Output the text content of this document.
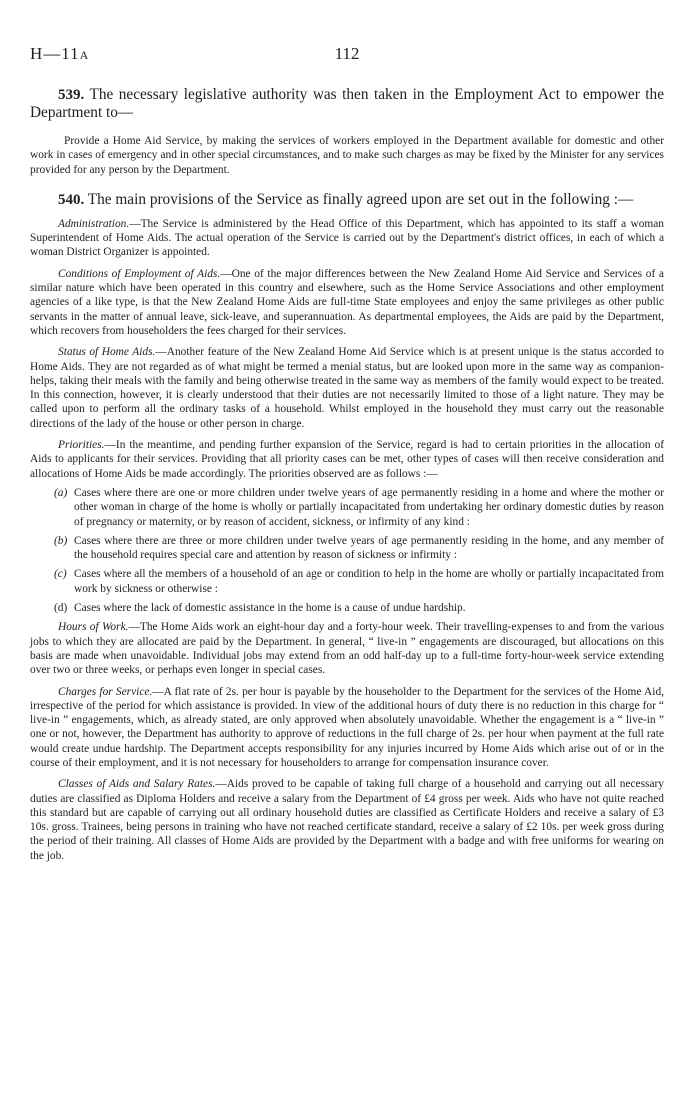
H—11A	112

539. The necessary legislative authority was then taken in the Employment Act to empower the Department to—

Provide a Home Aid Service, by making the services of workers employed in the Department available for domestic and other work in cases of emergency and in other special circumstances, and to make such charges as may be fixed by the Minister for any services provided for any person by the Department.

540. The main provisions of the Service as finally agreed upon are set out in the following :—

Administration.—The Service is administered by the Head Office of this Department, which has appointed to its staff a woman Superintendent of Home Aids. The actual operation of the Service is carried out by the Department's district offices, in each of which a woman District Organizer is appointed.

Conditions of Employment of Aids.—One of the major differences between the New Zealand Home Aid Service and Services of a similar nature which have been operated in this country and elsewhere, such as the Home Service Associations and other employment agencies of a like type, is that the New Zealand Home Aids are full-time State employees and enjoy the same privileges as other public servants in the matter of annual leave, sick-leave, and superannuation. As departmental employees, the Aids are paid by the Department, which recovers from householders the fees charged for their services.

Status of Home Aids.—Another feature of the New Zealand Home Aid Service which is at present unique is the status accorded to Home Aids. They are not regarded as of what might be termed a menial status, but are looked upon more in the same way as companion-helps, taking their meals with the family and being otherwise treated in the same way as members of the family would expect to be treated. In this connection, however, it is clearly understood that their duties are not necessarily limited to those of a light nature. They may be called upon to perform all the ordinary tasks of a household. Whilst employed in the household they must carry out the reasonable directions of the lady of the house or other person in charge.

Priorities.—In the meantime, and pending further expansion of the Service, regard is had to certain priorities in the allocation of Aids to applicants for their services. Providing that all priority cases can be met, other types of cases will then receive consideration and allocations of Home Aids be made accordingly. The priorities observed are as follows :—

(a) Cases where there are one or more children under twelve years of age permanently residing in a home and where the mother or other woman in charge of the home is wholly or partially incapacitated from undertaking her ordinary domestic duties by reason of pregnancy or maternity, or by reason of accident, sickness, or infirmity of any kind :
(b) Cases where there are three or more children under twelve years of age permanently residing in the home, and any member of the household requires special care and attention by reason of sickness or infirmity :
(c) Cases where all the members of a household of an age or condition to help in the home are wholly or partially incapacitated from work by sickness or otherwise :
(d) Cases where the lack of domestic assistance in the home is a cause of undue hardship.

Hours of Work.—The Home Aids work an eight-hour day and a forty-hour week. Their travelling-expenses to and from the various jobs to which they are allocated are paid by the Department. In general, “ live-in ” engagements are discouraged, but allocations on this basis are made when unavoidable. Individual jobs may extend from an odd half-day up to a full-time forty-hour-week service extending over two or three weeks, or perhaps even longer in special cases.

Charges for Service.—A flat rate of 2s. per hour is payable by the householder to the Department for the services of the Home Aid, irrespective of the period for which assistance is provided. In view of the additional hours of duty there is no reduction in this charge for “ live-in ” engagements, which, as already stated, are only approved when absolutely unavoidable. Whether the engagement is a “ live-in ” one or not, however, the Department has authority to approve of reductions in the full charge of 2s. per hour when payment at the full rate would create undue hardship. The Department accepts responsibility for any injuries incurred by Home Aids which arise out of or in the course of their employment, and it is not necessary for householders to arrange for compensation insurance cover.

Classes of Aids and Salary Rates.—Aids proved to be capable of taking full charge of a household and carrying out all necessary duties are classified as Diploma Holders and receive a salary from the Department of £4 gross per week. Aids who have not quite reached this standard but are capable of carrying out all ordinary household duties are classified as Certificate Holders and receive a salary of £3 10s. gross. Trainees, being persons in training who have not reached certificate standard, receive a salary of £2 10s. per week gross during the period of their training. All classes of Home Aids are provided by the Department with a badge and with free uniforms for wearing on the job.
